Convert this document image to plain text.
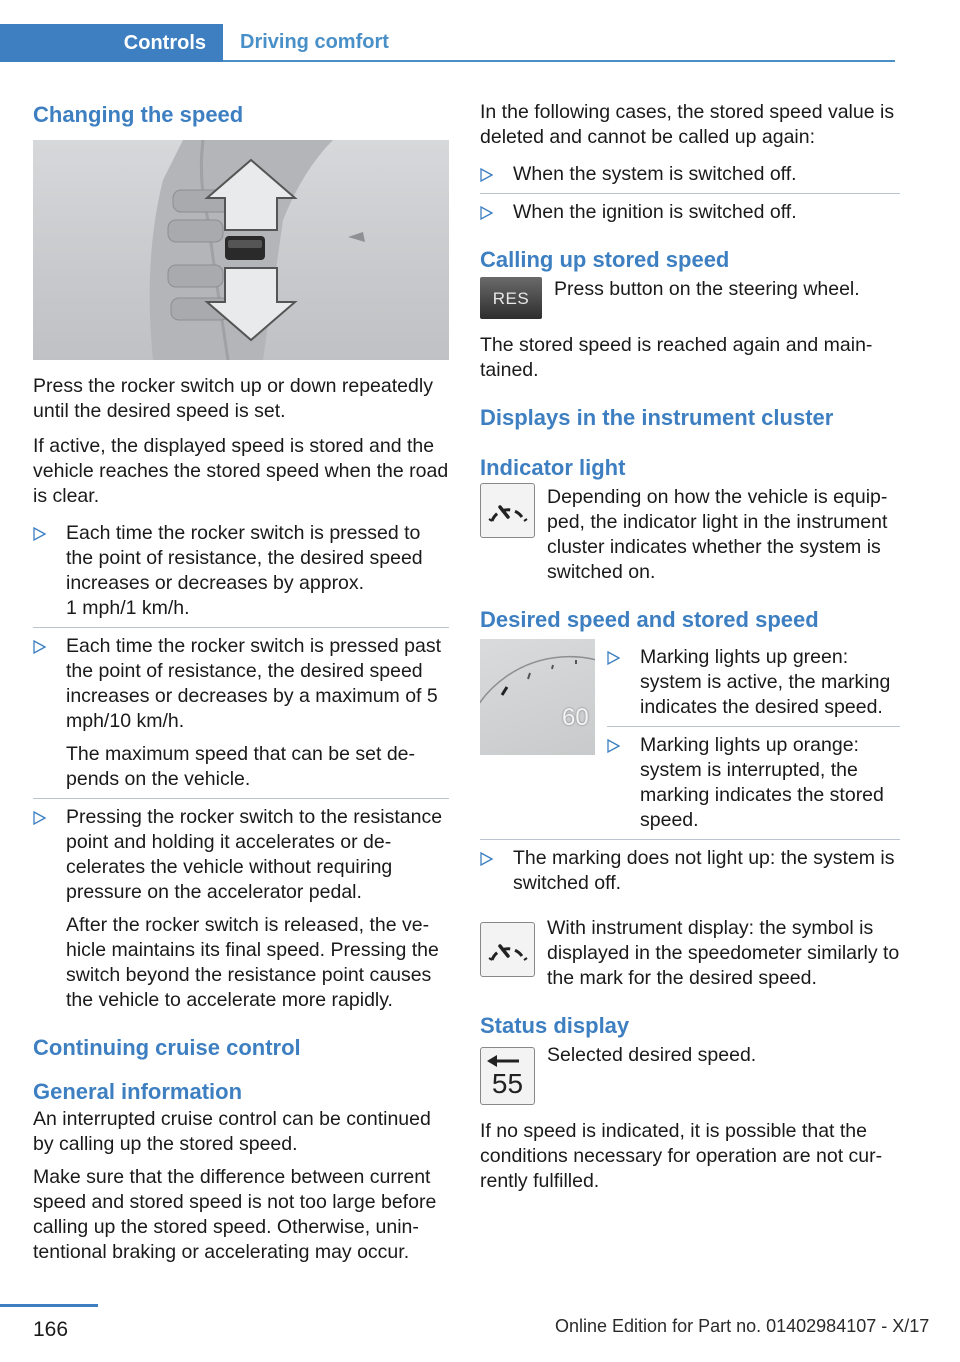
Controls	Driving comfort
Changing the speed

Press the rocker switch up or down repeatedly until the desired speed is set.

If active, the displayed speed is stored and the vehicle reaches the stored speed when the road is clear.

Each time the rocker switch is pressed to the point of resistance, the desired speed increases or decreases by approx.
1 mph/1 km/h.
Each time the rocker switch is pressed past the point of resistance, the desired speed increases or decreases by a maximum of 5 mph/10 km/h.

The maximum speed that can be set depends on the vehicle.

Pressing the rocker switch to the resistance point and holding it accelerates or decelerates the vehicle without requiring pressure on the accelerator pedal.

After the rocker switch is released, the vehicle maintains its final speed. Pressing the switch beyond the resistance point causes the vehicle to accelerate more rapidly.

Continuing cruise control
General information

An interrupted cruise control can be continued by calling up the stored speed.

Make sure that the difference between current speed and stored speed is not too large before calling up the stored speed. Otherwise, unintentional braking or accelerating may occur.

In the following cases, the stored speed value is deleted and cannot be called up again:

When the system is switched off.
When the ignition is switched off.
Calling up stored speed
RES	Press button on the steering wheel.

The stored speed is reached again and maintained.

Displays in the instrument cluster
Indicator light

Depending on how the vehicle is equipped, the indicator light in the instrument cluster indicates whether the system is switched on.

Desired speed and stored speed
60
Marking lights up green: system is active, the marking indicates the desired speed.
Marking lights up orange: system is interrupted, the marking indicates the stored speed.
The marking does not light up: the system is switched off.

With instrument display: the symbol is displayed in the speedometer similarly to the mark for the desired speed.

Status display
55

Selected desired speed.

If no speed is indicated, it is possible that the conditions necessary for operation are not currently fulfilled.

166	Online Edition for Part no. 01402984107 - X/17
